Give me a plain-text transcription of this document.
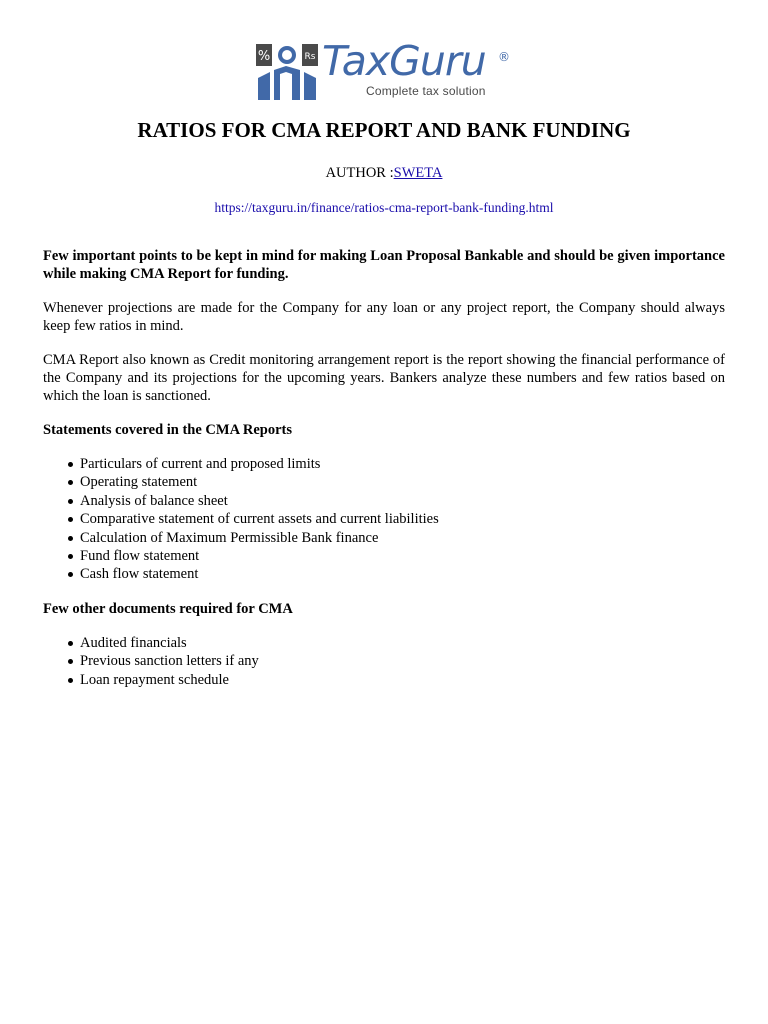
%	Rs TaxGuru ®
Complete tax solution
RATIOS FOR CMA REPORT AND BANK FUNDING
AUTHOR :SWETA
https://taxguru.in/finance/ratios-cma-report-bank-funding.html

Few important points to be kept in mind for making Loan Proposal Bankable and should be given importance while making CMA Report for funding.

Whenever projections are made for the Company for any loan or any project report, the Company should always keep few ratios in mind.

CMA Report also known as Credit monitoring arrangement report is the report showing the financial performance of the Company and its projections for the upcoming years. Bankers analyze these numbers and few ratios based on which the loan is sanctioned.

Statements covered in the CMA Reports
Particulars of current and proposed limits
Operating statement
Analysis of balance sheet
Comparative statement of current assets and current liabilities
Calculation of Maximum Permissible Bank finance
Fund flow statement
Cash flow statement
Few other documents required for CMA
Audited financials
Previous sanction letters if any
Loan repayment schedule
